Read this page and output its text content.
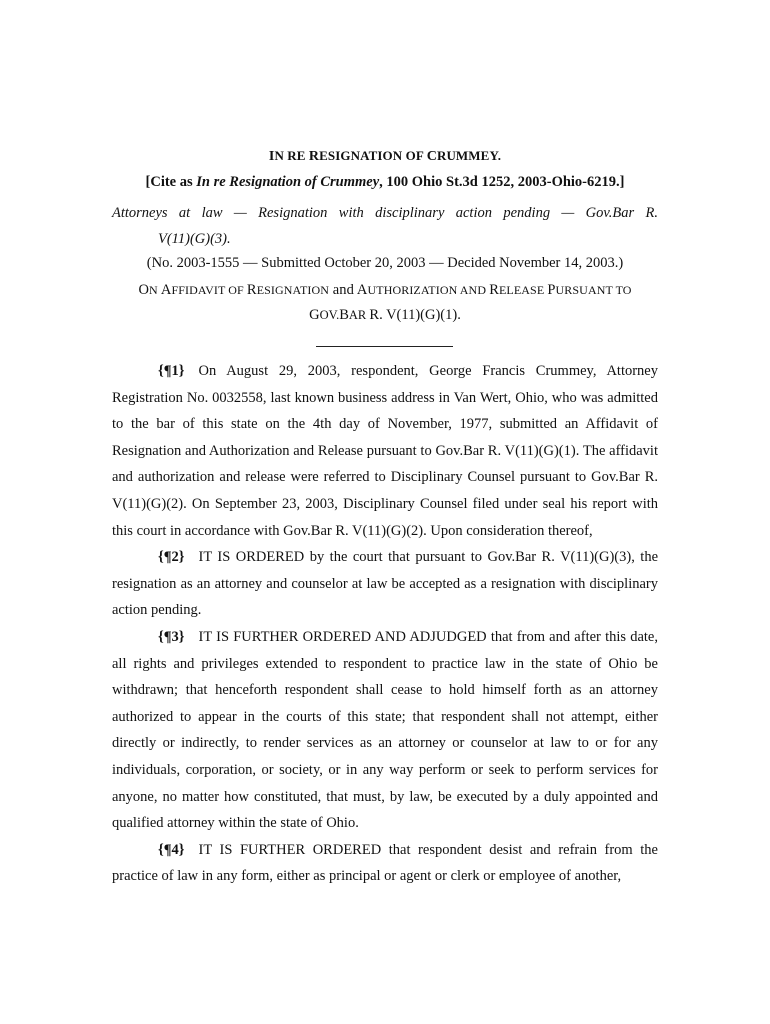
IN RE RESIGNATION OF CRUMMEY.
[Cite as In re Resignation of Crummey, 100 Ohio St.3d 1252, 2003-Ohio-6219.]
Attorneys at law — Resignation with disciplinary action pending — Gov.Bar R.
V(11)(G)(3).
(No. 2003-1555 — Submitted October 20, 2003 — Decided November 14, 2003.)
ON AFFIDAVIT OF RESIGNATION and AUTHORIZATION AND RELEASE PURSUANT TO
GOV.BAR R. V(11)(G)(1).

{¶1} On August 29, 2003, respondent, George Francis Crummey, Attorney Registration No. 0032558, last known business address in Van Wert, Ohio, who was admitted to the bar of this state on the 4th day of November, 1977, submitted an Affidavit of Resignation and Authorization and Release pursuant to Gov.Bar R. V(11)(G)(1). The affidavit and authorization and release were referred to Disciplinary Counsel pursuant to Gov.Bar R. V(11)(G)(2). On September 23, 2003, Disciplinary Counsel filed under seal his report with this court in accordance with Gov.Bar R. V(11)(G)(2). Upon consideration thereof,

{¶2} IT IS ORDERED by the court that pursuant to Gov.Bar R. V(11)(G)(3), the resignation as an attorney and counselor at law be accepted as a resignation with disciplinary action pending.

{¶3} IT IS FURTHER ORDERED AND ADJUDGED that from and after this date, all rights and privileges extended to respondent to practice law in the state of Ohio be withdrawn; that henceforth respondent shall cease to hold himself forth as an attorney authorized to appear in the courts of this state; that respondent shall not attempt, either directly or indirectly, to render services as an attorney or counselor at law to or for any individuals, corporation, or society, or in any way perform or seek to perform services for anyone, no matter how constituted, that must, by law, be executed by a duly appointed and qualified attorney within the state of Ohio.

{¶4} IT IS FURTHER ORDERED that respondent desist and refrain from the practice of law in any form, either as principal or agent or clerk or employee of another,
